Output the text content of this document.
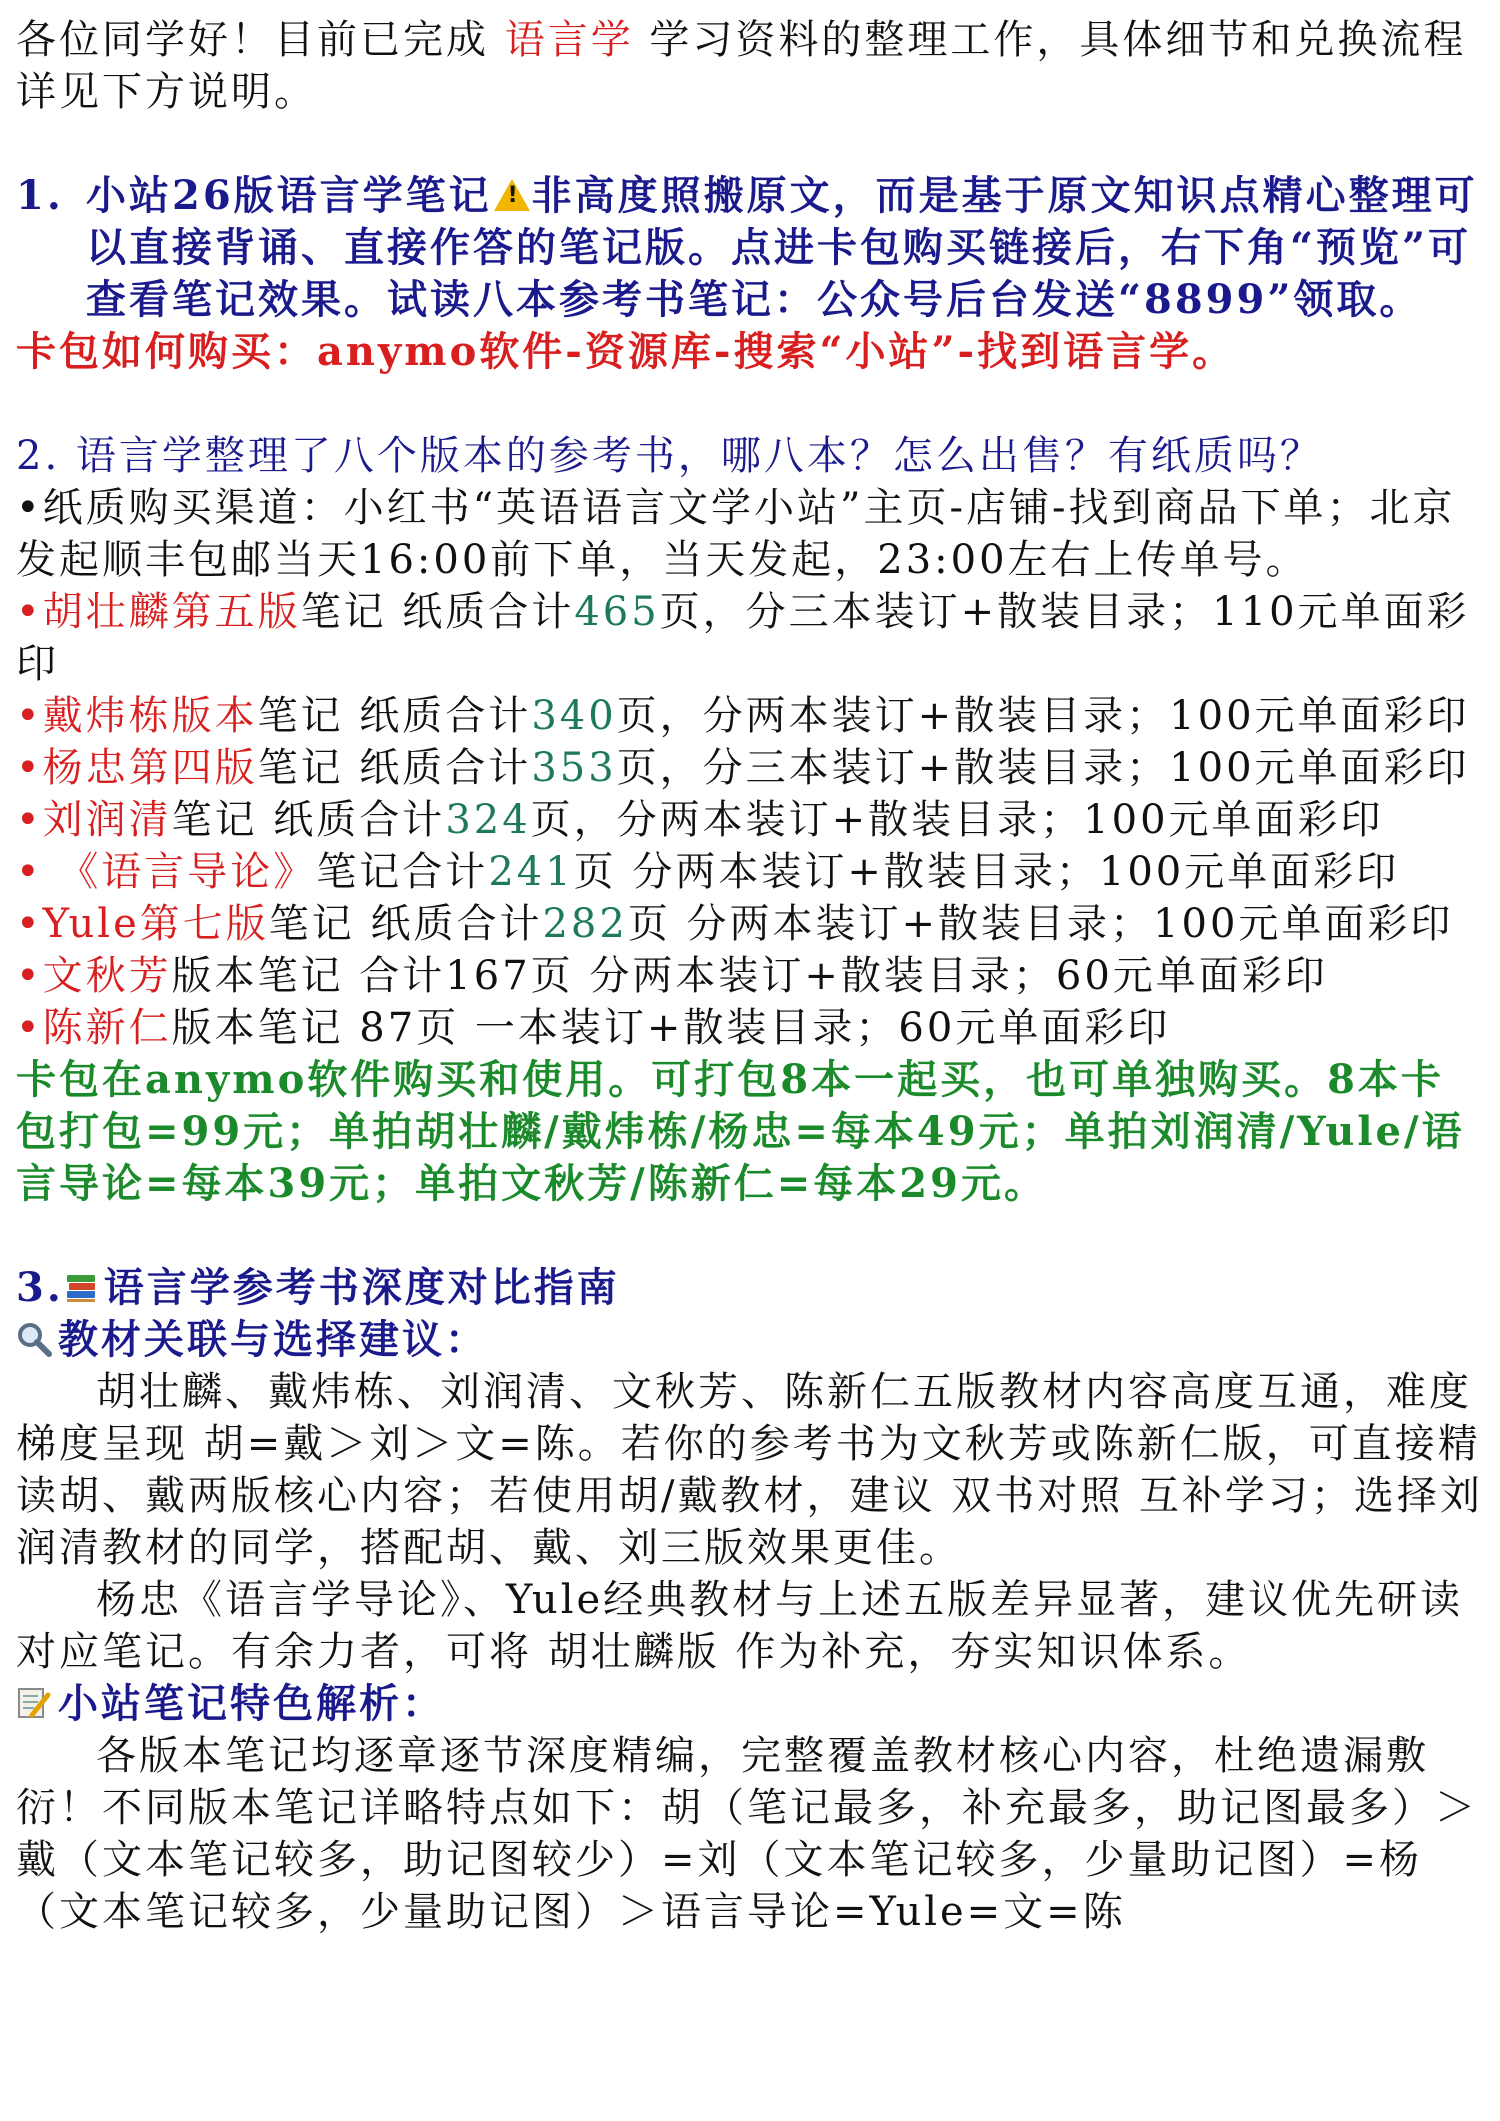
各位同学好！目前已完成 语言学 学习资料的整理工作，具体细节和兑换流程详见下方说明。

1. 小站26版语言学笔记! 非高度照搬原文，而是基于原文知识点精心整理可以直接背诵、直接作答的笔记版。点进卡包购买链接后，右下角“预览”可查看笔记效果。试读八本参考书笔记：公众号后台发送“8899”领取。

卡包如何购买：anymo软件-资源库-搜索“小站”-找到语言学。

2. 语言学整理了八个版本的参考书，哪八本？怎么出售？有纸质吗？

•纸质购买渠道：小红书“英语语言文学小站”主页-店铺-找到商品下单；北京发起顺丰包邮当天16:00前下单，当天发起，23:00左右上传单号。

•胡壮麟第五版笔记 纸质合计465页，分三本装订+散装目录；110元单面彩印

•戴炜栋版本笔记 纸质合计340页，分两本装订+散装目录；100元单面彩印

•杨忠第四版笔记 纸质合计353页，分三本装订+散装目录；100元单面彩印

•刘润清笔记 纸质合计324页，分两本装订+散装目录；100元单面彩印

• 《语言导论》笔记合计241页 分两本装订+散装目录；100元单面彩印

•Yule第七版笔记 纸质合计282页 分两本装订+散装目录；100元单面彩印

•文秋芳版本笔记 合计167页 分两本装订+散装目录；60元单面彩印

•陈新仁版本笔记 87页 一本装订+散装目录；60元单面彩印

卡包在anymo软件购买和使用。可打包8本一起买，也可单独购买。8本卡包打包=99元；单拍胡壮麟/戴炜栋/杨忠=每本49元；单拍刘润清/Yule/语言导论=每本39元；单拍文秋芳/陈新仁=每本29元。

3. 语言学参考书深度对比指南

教材关联与选择建议：

胡壮麟、戴炜栋、刘润清、文秋芳、陈新仁五版教材内容高度互通，难度梯度呈现 胡=戴＞刘＞文=陈。若你的参考书为文秋芳或陈新仁版，可直接精读胡、戴两版核心内容；若使用胡/戴教材，建议 双书对照 互补学习；选择刘润清教材的同学，搭配胡、戴、刘三版效果更佳。

杨忠《语言学导论》、Yule经典教材与上述五版差异显著，建议优先研读对应笔记。有余力者，可将 胡壮麟版 作为补充，夯实知识体系。

小站笔记特色解析：

各版本笔记均逐章逐节深度精编，完整覆盖教材核心内容，杜绝遗漏敷衍！不同版本笔记详略特点如下：胡（笔记最多，补充最多，助记图最多）＞戴（文本笔记较多，助记图较少）=刘（文本笔记较多，少量助记图）=杨（文本笔记较多，少量助记图）＞语言导论=Yule=文=陈
